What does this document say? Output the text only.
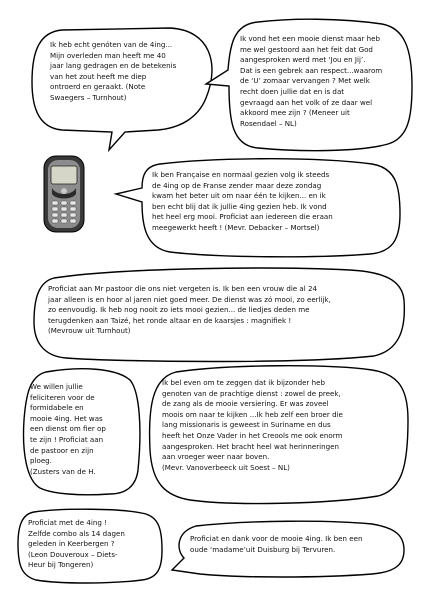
Ik heb echt genóten van de 4ing...
Mijn overleden man heeft me 40
jaar lang gedragen en de betekenis
van het zout heeft me diep
ontroerd en geraakt. (Note
Swaegers – Turnhout)

Ik vond het een mooie dienst maar heb
me wel gestoord aan het feit dat God
aangesproken werd met ‘Jou en Jij’.
Dat is een gebrek aan respect...waarom
de ‘U’ zomaar vervangen ? Met welk
recht doen jullie dat en is dat
gevraagd aan het volk of ze daar wel
akkoord mee zijn ? (Meneer uit
Rosendael – NL)

Ik ben Française en normaal gezien volg ik steeds
de 4ing op de Franse zender maar deze zondag
kwam het beter uit om naar één te kijken... en ik
ben echt blij dat ik jullie 4ing gezien heb. Ik vond
het heel erg mooi. Proficiat aan iedereen die eraan
meegewerkt heeft ! (Mevr. Debacker – Mortsel)

Proficiat aan Mr pastoor die ons niet vergeten is. Ik ben een vrouw die al 24
jaar alleen is en hoor al jaren niet goed meer. De dienst was zó mooi, zo eerlijk,
zo eenvoudig. Ik heb nog nooit zo iets mooi gezien... de liedjes deden me
terugdenken aan Taizé, het ronde altaar en de kaarsjes : magnifiek !
(Mevrouw uit Turnhout)

We willen jullie
feliciteren voor de
formidabele en
mooie 4ing. Het was
een dienst om fier op
te zijn ! Proficiat aan
de pastoor en zijn
ploeg.
(Zusters van de H.

Ik bel even om te zeggen dat ik bijzonder heb
genoten van de prachtige dienst : zowel de preek,
de zang als de mooie versiering. Er was zoveel
moois om naar te kijken ...Ik heb zelf een broer die
lang missionaris is geweest in Suriname en dus
heeft het Onze Vader in het Creools me ook enorm
aangesproken. Het bracht heel wat herinneringen
aan vroeger weer naar boven.
(Mevr. Vanoverbeeck uit Soest – NL)

Proficiat met de 4ing !
Zelfde combo als 14 dagen
geleden in Keerbergen ?
(Leon Douveroux – Diets-
Heur bij Tongeren)

Proficiat en dank voor de mooie 4ing. Ik ben een
oude ‘madame’uit Duisburg bij Tervuren.
